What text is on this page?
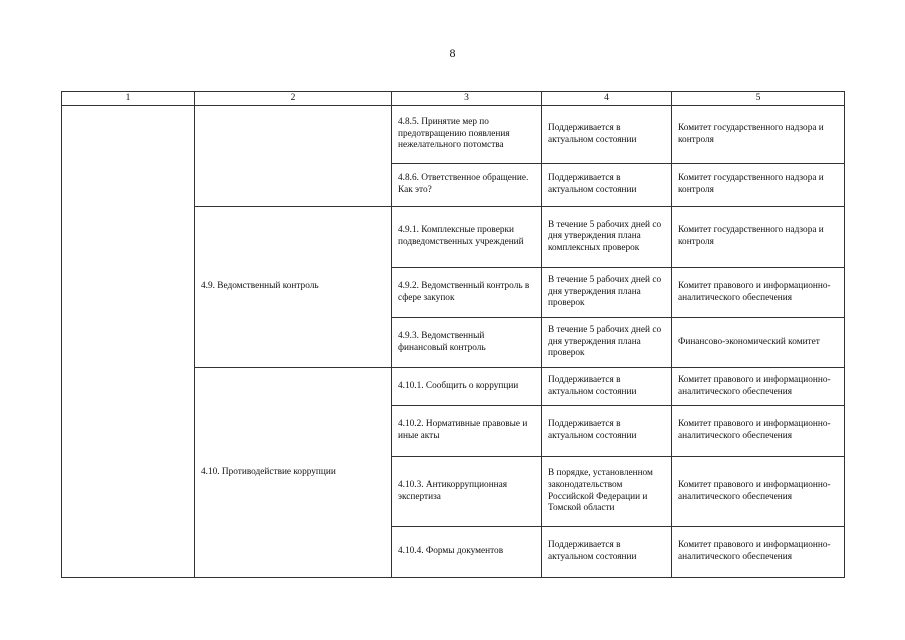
8
1	2	3	4	5
		4.8.5. Принятие мер по предотвращению появления нежелательного потомства	Поддерживается в актуальном состоянии	Комитет государственного надзора и контроля
		4.8.6. Ответственное обращение. Как это?	Поддерживается в актуальном состоянии	Комитет государственного надзора и контроля
	4.9. Ведомственный контроль	4.9.1. Комплексные проверки подведомственных учреждений	В течение 5 рабочих дней со дня утверждения плана комплексных проверок	Комитет государственного надзора и контроля
		4.9.2. Ведомственный контроль в сфере закупок	В течение 5 рабочих дней со дня утверждения плана проверок	Комитет правового и информационно-аналитического обеспечения
		4.9.3. Ведомственный финансовый контроль	В течение 5 рабочих дней со дня утверждения плана проверок	Финансово-экономический комитет
	4.10. Противодействие коррупции	4.10.1. Сообщить о коррупции	Поддерживается в актуальном состоянии	Комитет правового и информационно-аналитического обеспечения
		4.10.2. Нормативные правовые и иные акты	Поддерживается в актуальном состоянии	Комитет правового и информационно-аналитического обеспечения
		4.10.3. Антикоррупционная экспертиза	В порядке, установленном законодательством Российской Федерации и Томской области	Комитет правового и информационно-аналитического обеспечения
		4.10.4. Формы документов	Поддерживается в актуальном состоянии	Комитет правового и информационно-аналитического обеспечения
